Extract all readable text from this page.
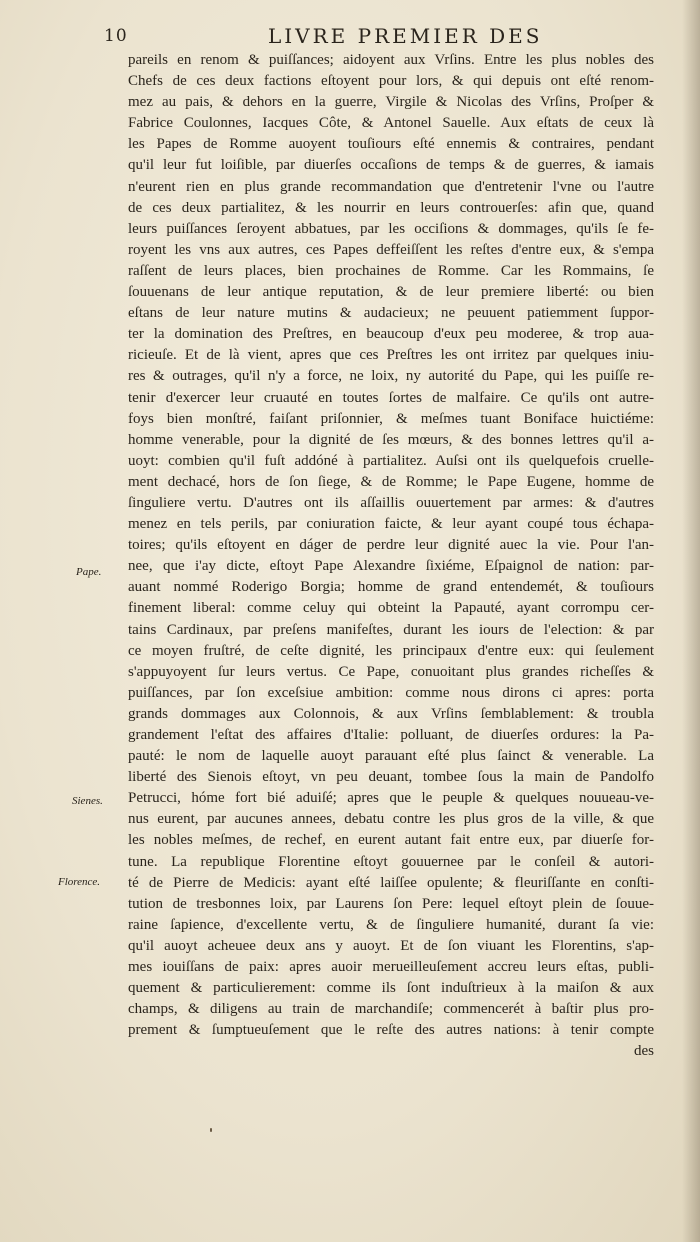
10	LIVRE PREMIER DES
Pape.
Sienes.
Florence.
pareils en renom & puiſſances; aidoyent aux Vrſins. Entre les plus nobles des
Chefs de ces deux factions eſtoyent pour lors, & qui depuis ont eſté renom-
mez au pais, & dehors en la guerre, Virgile & Nicolas des Vrſins, Proſper &
Fabrice Coulonnes, Iacques Côte, & Antonel Sauelle. Aux eſtats de ceux là
les Papes de Romme auoyent touſiours eſté ennemis & contraires, pendant
qu'il leur fut loiſible, par diuerſes occaſions de temps & de guerres, & iamais
n'eurent rien en plus grande recommandation que d'entretenir l'vne ou l'autre
de ces deux partialitez, & les nourrir en leurs controuerſes: afin que, quand
leurs puiſſances ſeroyent abbatues, par les occiſions & dommages, qu'ils ſe fe-
royent les vns aux autres, ces Papes deffeiſſent les reſtes d'entre eux, & s'empa
raſſent de leurs places, bien prochaines de Romme. Car les Rommains, ſe
ſouuenans de leur antique reputation, & de leur premiere liberté: ou bien
eſtans de leur nature mutins & audacieux; ne peuuent patiemment ſuppor-
ter la domination des Preſtres, en beaucoup d'eux peu moderee, & trop aua-
ricieuſe. Et de là vient, apres que ces Preſtres les ont irritez par quelques iniu-
res & outrages, qu'il n'y a force, ne loix, ny autorité du Pape, qui les puiſſe re-
tenir d'exercer leur cruauté en toutes ſortes de malfaire. Ce qu'ils ont autre-
foys bien monſtré, faiſant priſonnier, & meſmes tuant Boniface huictiéme:
homme venerable, pour la dignité de ſes mœurs, & des bonnes lettres qu'il a-
uoyt: combien qu'il fuſt addóné à partialitez. Auſsi ont ils quelquefois cruelle-
ment dechacé, hors de ſon ſiege, & de Romme; le Pape Eugene, homme de
ſinguliere vertu. D'autres ont ils aſſaillis ouuertement par armes: & d'autres
menez en tels perils, par coniuration faicte, & leur ayant coupé tous échapa-
toires; qu'ils eſtoyent en dáger de perdre leur dignité auec la vie. Pour l'an-
nee, que i'ay dicte, eſtoyt Pape Alexandre ſixiéme, Eſpaignol de nation: par-
auant nommé Roderigo Borgia; homme de grand entendemét, & touſiours
finement liberal: comme celuy qui obteint la Papauté, ayant corrompu cer-
tains Cardinaux, par preſens manifeſtes, durant les iours de l'election: & par
ce moyen fruſtré, de ceſte dignité, les principaux d'entre eux: qui ſeulement
s'appuyoyent ſur leurs vertus. Ce Pape, conuoitant plus grandes richeſſes &
puiſſances, par ſon exceſsiue ambition: comme nous dirons ci apres: porta
grands dommages aux Colonnois, & aux Vrſins ſemblablement: & troubla
grandement l'eſtat des affaires d'Italie: polluant, de diuerſes ordures: la Pa-
pauté: le nom de laquelle auoyt parauant eſté plus ſainct & venerable. La
liberté des Sienois eſtoyt, vn peu deuant, tombee ſous la main de Pandolfo
Petrucci, hóme fort bié aduiſé; apres que le peuple & quelques nouueau-ve-
nus eurent, par aucunes annees, debatu contre les plus gros de la ville, & que
les nobles meſmes, de rechef, en eurent autant fait entre eux, par diuerſe for-
tune. La republique Florentine eſtoyt gouuernee par le conſeil & autori-
té de Pierre de Medicis: ayant eſté laiſſee opulente; & fleuriſſante en conſti-
tution de tresbonnes loix, par Laurens ſon Pere: lequel eſtoyt plein de ſouue-
raine ſapience, d'excellente vertu, & de ſinguliere humanité, durant ſa vie:
qu'il auoyt acheuee deux ans y auoyt. Et de ſon viuant les Florentins, s'ap-
mes iouiſſans de paix: apres auoir merueilleuſement accreu leurs eſtas, publi-
quement & particulierement: comme ils ſont induſtrieux à la maiſon & aux
champs, & diligens au train de marchandiſe; commencerét à baſtir plus pro-
prement & ſumptueuſement que le reſte des autres nations: à tenir compte
des
